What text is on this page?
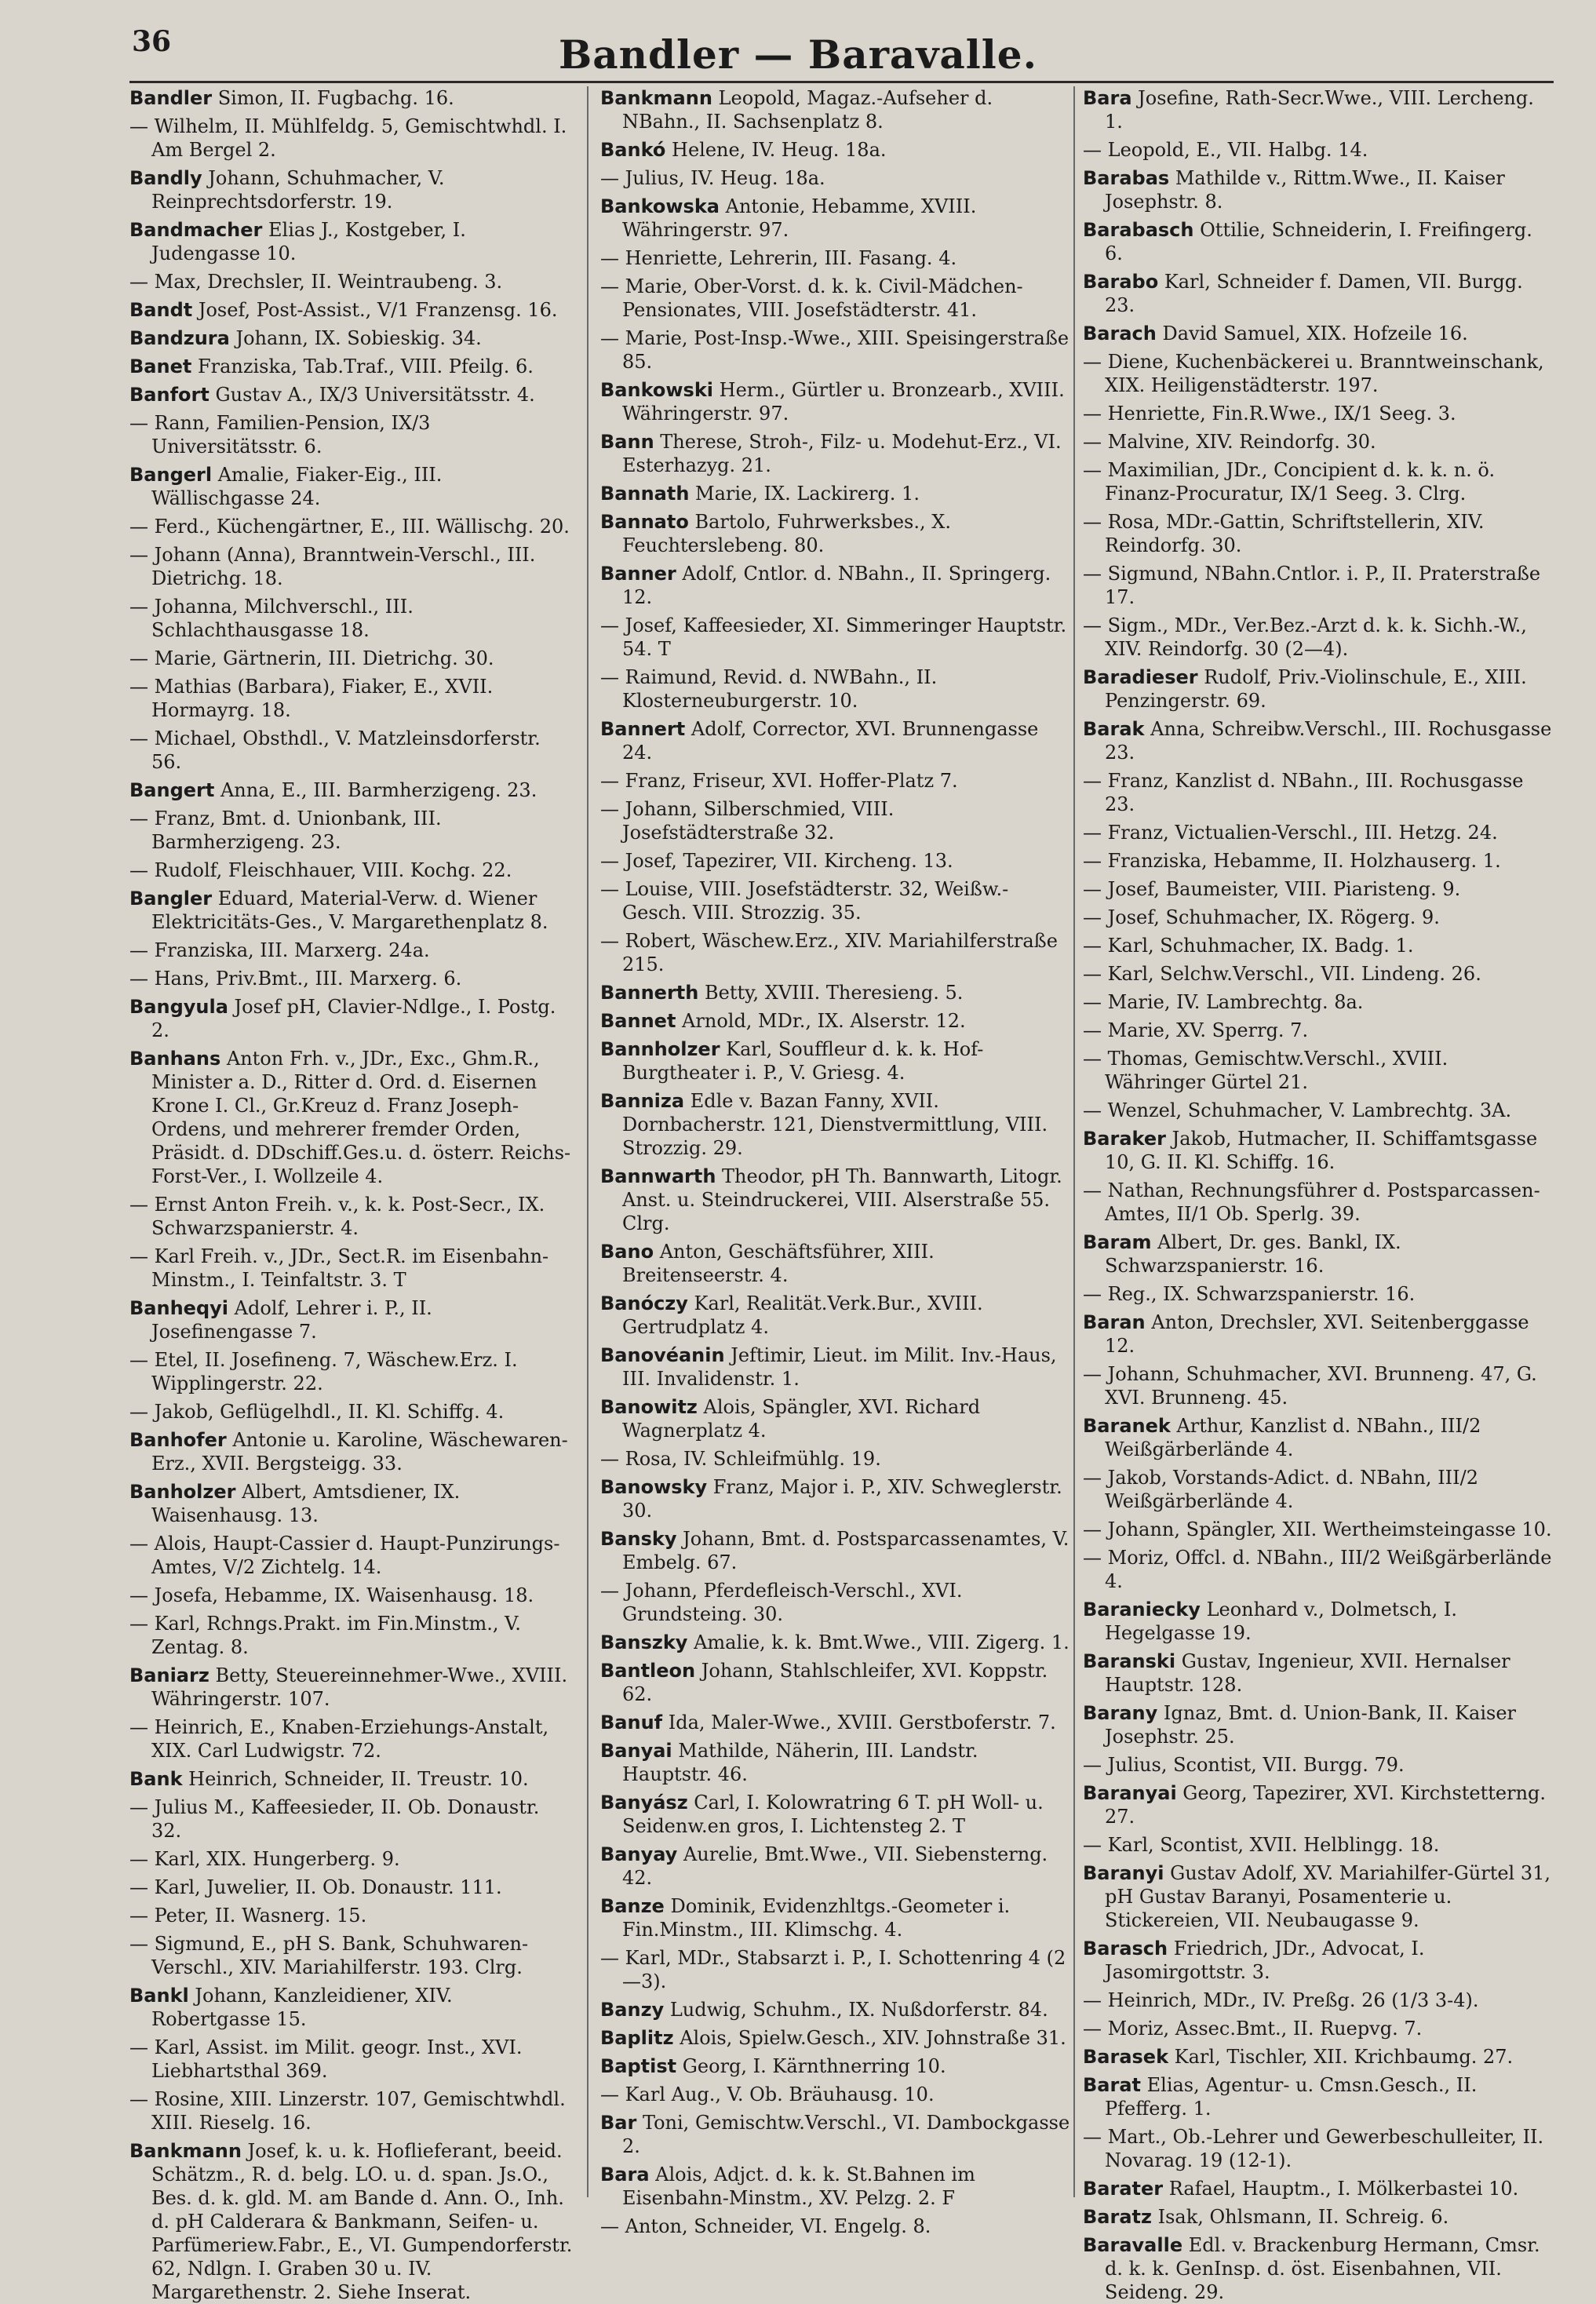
36	Bandler — Baravalle.
Bandler Simon, II. Fugbachg. 16.
— Wilhelm, II. Mühlfeldg. 5, Gemischtwhdl. I. Am Bergel 2.
Bandly Johann, Schuhmacher, V. Reinprechtsdorferstr. 19.
Bandmacher Elias J., Kostgeber, I. Judengasse 10.
— Max, Drechsler, II. Weintraubeng. 3.
Bandt Josef, Post-Assist., V/1 Franzensg. 16.
Bandzura Johann, IX. Sobieskig. 34.
Banet Franziska, Tab.Traf., VIII. Pfeilg. 6.
Banfort Gustav A., IX/3 Universitätsstr. 4.
— Rann, Familien-Pension, IX/3 Universitätsstr. 6.
Bangerl Amalie, Fiaker-Eig., III. Wällischgasse 24.
— Ferd., Küchengärtner, E., III. Wällischg. 20.
— Johann (Anna), Branntwein-Verschl., III. Dietrichg. 18.
— Johanna, Milchverschl., III. Schlachthausgasse 18.
— Marie, Gärtnerin, III. Dietrichg. 30.
— Mathias (Barbara), Fiaker, E., XVII. Hormayrg. 18.
— Michael, Obsthdl., V. Matzleinsdorferstr. 56.
Bangert Anna, E., III. Barmherzigeng. 23.
— Franz, Bmt. d. Unionbank, III. Barmherzigeng. 23.
— Rudolf, Fleischhauer, VIII. Kochg. 22.
Bangler Eduard, Material-Verw. d. Wiener Elektricitäts-Ges., V. Margarethenplatz 8.
— Franziska, III. Marxerg. 24a.
— Hans, Priv.Bmt., III. Marxerg. 6.
Bangyula Josef pH, Clavier-Ndlge., I. Postg. 2.
Banhans Anton Frh. v., JDr., Exc., Ghm.R., Minister a. D., Ritter d. Ord. d. Eisernen Krone I. Cl., Gr.Kreuz d. Franz Joseph-Ordens, und mehrerer fremder Orden, Präsidt. d. DDschiff.Ges.u. d. österr. Reichs-Forst-Ver., I. Wollzeile 4.
— Ernst Anton Freih. v., k. k. Post-Secr., IX. Schwarzspanierstr. 4.
— Karl Freih. v., JDr., Sect.R. im Eisenbahn-Minstm., I. Teinfaltstr. 3. T
Banheqyi Adolf, Lehrer i. P., II. Josefinengasse 7.
— Etel, II. Josefineng. 7, Wäschew.Erz. I. Wipplingerstr. 22.
— Jakob, Geflügelhdl., II. Kl. Schiffg. 4.
Banhofer Antonie u. Karoline, Wäschewaren-Erz., XVII. Bergsteigg. 33.
Banholzer Albert, Amtsdiener, IX. Waisenhausg. 13.
— Alois, Haupt-Cassier d. Haupt-Punzirungs-Amtes, V/2 Zichtelg. 14.
— Josefa, Hebamme, IX. Waisenhausg. 18.
— Karl, Rchngs.Prakt. im Fin.Minstm., V. Zentag. 8.
Baniarz Betty, Steuereinnehmer-Wwe., XVIII. Währingerstr. 107.
— Heinrich, E., Knaben-Erziehungs-Anstalt, XIX. Carl Ludwigstr. 72.
Bank Heinrich, Schneider, II. Treustr. 10.
— Julius M., Kaffeesieder, II. Ob. Donaustr. 32.
— Karl, XIX. Hungerberg. 9.
— Karl, Juwelier, II. Ob. Donaustr. 111.
— Peter, II. Wasnerg. 15.
— Sigmund, E., pH S. Bank, Schuhwaren-Verschl., XIV. Mariahilferstr. 193. Clrg.
Bankl Johann, Kanzleidiener, XIV. Robertgasse 15.
— Karl, Assist. im Milit. geogr. Inst., XVI. Liebhartsthal 369.
— Rosine, XIII. Linzerstr. 107, Gemischtwhdl. XIII. Rieselg. 16.
Bankmann Josef, k. u. k. Hoflieferant, beeid. Schätzm., R. d. belg. LO. u. d. span. Js.O., Bes. d. k. gld. M. am Bande d. Ann. O., Inh. d. pH Calderara & Bankmann, Seifen- u. Parfümeriew.Fabr., E., VI. Gumpendorferstr. 62, Ndlgn. I. Graben 30 u. IV. Margarethenstr. 2. Siehe Inserat.
Bankmann Leopold, Magaz.-Aufseher d. NBahn., II. Sachsenplatz 8.
Bankó Helene, IV. Heug. 18a.
— Julius, IV. Heug. 18a.
Bankowska Antonie, Hebamme, XVIII. Währingerstr. 97.
— Henriette, Lehrerin, III. Fasang. 4.
— Marie, Ober-Vorst. d. k. k. Civil-Mädchen-Pensionates, VIII. Josefstädterstr. 41.
— Marie, Post-Insp.-Wwe., XIII. Speisingerstraße 85.
Bankowski Herm., Gürtler u. Bronzearb., XVIII. Währingerstr. 97.
Bann Therese, Stroh-, Filz- u. Modehut-Erz., VI. Esterhazyg. 21.
Bannath Marie, IX. Lackirerg. 1.
Bannato Bartolo, Fuhrwerksbes., X. Feuchterslebeng. 80.
Banner Adolf, Cntlor. d. NBahn., II. Springerg. 12.
— Josef, Kaffeesieder, XI. Simmeringer Hauptstr. 54. T
— Raimund, Revid. d. NWBahn., II. Klosterneuburgerstr. 10.
Bannert Adolf, Corrector, XVI. Brunnengasse 24.
— Franz, Friseur, XVI. Hoffer-Platz 7.
— Johann, Silberschmied, VIII. Josefstädterstraße 32.
— Josef, Tapezirer, VII. Kircheng. 13.
— Louise, VIII. Josefstädterstr. 32, Weißw.-Gesch. VIII. Strozzig. 35.
— Robert, Wäschew.Erz., XIV. Mariahilferstraße 215.
Bannerth Betty, XVIII. Theresieng. 5.
Bannet Arnold, MDr., IX. Alserstr. 12.
Bannholzer Karl, Souffleur d. k. k. Hof-Burgtheater i. P., V. Griesg. 4.
Banniza Edle v. Bazan Fanny, XVII. Dornbacherstr. 121, Dienstvermittlung, VIII. Strozzig. 29.
Bannwarth Theodor, pH Th. Bannwarth, Litogr. Anst. u. Steindruckerei, VIII. Alserstraße 55. Clrg.
Bano Anton, Geschäftsführer, XIII. Breitenseerstr. 4.
Banóczy Karl, Realität.Verk.Bur., XVIII. Gertrudplatz 4.
Banovéanin Jeftimir, Lieut. im Milit. Inv.-Haus, III. Invalidenstr. 1.
Banowitz Alois, Spängler, XVI. Richard Wagnerplatz 4.
— Rosa, IV. Schleifmühlg. 19.
Banowsky Franz, Major i. P., XIV. Schweglerstr. 30.
Bansky Johann, Bmt. d. Postsparcassenamtes, V. Embelg. 67.
— Johann, Pferdefleisch-Verschl., XVI. Grundsteing. 30.
Banszky Amalie, k. k. Bmt.Wwe., VIII. Zigerg. 1.
Bantleon Johann, Stahlschleifer, XVI. Koppstr. 62.
Banuf Ida, Maler-Wwe., XVIII. Gerstboferstr. 7.
Banyai Mathilde, Näherin, III. Landstr. Hauptstr. 46.
Banyász Carl, I. Kolowratring 6 T. pH Woll- u. Seidenw.en gros, I. Lichtensteg 2. T
Banyay Aurelie, Bmt.Wwe., VII. Siebensterng. 42.
Banze Dominik, Evidenzhltgs.-Geometer i. Fin.Minstm., III. Klimschg. 4.
— Karl, MDr., Stabsarzt i. P., I. Schottenring 4 (2—3).
Banzy Ludwig, Schuhm., IX. Nußdorferstr. 84.
Baplitz Alois, Spielw.Gesch., XIV. Johnstraße 31.
Baptist Georg, I. Kärnthnerring 10.
— Karl Aug., V. Ob. Bräuhausg. 10.
Bar Toni, Gemischtw.Verschl., VI. Dambockgasse 2.
Bara Alois, Adjct. d. k. k. St.Bahnen im Eisenbahn-Minstm., XV. Pelzg. 2. F
— Anton, Schneider, VI. Engelg. 8.
Bara Josefine, Rath-Secr.Wwe., VIII. Lercheng. 1.
— Leopold, E., VII. Halbg. 14.
Barabas Mathilde v., Rittm.Wwe., II. Kaiser Josephstr. 8.
Barabasch Ottilie, Schneiderin, I. Freifingerg. 6.
Barabo Karl, Schneider f. Damen, VII. Burgg. 23.
Barach David Samuel, XIX. Hofzeile 16.
— Diene, Kuchenbäckerei u. Branntweinschank, XIX. Heiligenstädterstr. 197.
— Henriette, Fin.R.Wwe., IX/1 Seeg. 3.
— Malvine, XIV. Reindorfg. 30.
— Maximilian, JDr., Concipient d. k. k. n. ö. Finanz-Procuratur, IX/1 Seeg. 3. Clrg.
— Rosa, MDr.-Gattin, Schriftstellerin, XIV. Reindorfg. 30.
— Sigmund, NBahn.Cntlor. i. P., II. Praterstraße 17.
— Sigm., MDr., Ver.Bez.-Arzt d. k. k. Sichh.-W., XIV. Reindorfg. 30 (2—4).
Baradieser Rudolf, Priv.-Violinschule, E., XIII. Penzingerstr. 69.
Barak Anna, Schreibw.Verschl., III. Rochusgasse 23.
— Franz, Kanzlist d. NBahn., III. Rochusgasse 23.
— Franz, Victualien-Verschl., III. Hetzg. 24.
— Franziska, Hebamme, II. Holzhauserg. 1.
— Josef, Baumeister, VIII. Piaristeng. 9.
— Josef, Schuhmacher, IX. Rögerg. 9.
— Karl, Schuhmacher, IX. Badg. 1.
— Karl, Selchw.Verschl., VII. Lindeng. 26.
— Marie, IV. Lambrechtg. 8a.
— Marie, XV. Sperrg. 7.
— Thomas, Gemischtw.Verschl., XVIII. Währinger Gürtel 21.
— Wenzel, Schuhmacher, V. Lambrechtg. 3A.
Baraker Jakob, Hutmacher, II. Schiffamtsgasse 10, G. II. Kl. Schiffg. 16.
— Nathan, Rechnungsführer d. Postsparcassen-Amtes, II/1 Ob. Sperlg. 39.
Baram Albert, Dr. ges. Bankl, IX. Schwarzspanierstr. 16.
— Reg., IX. Schwarzspanierstr. 16.
Baran Anton, Drechsler, XVI. Seitenberggasse 12.
— Johann, Schuhmacher, XVI. Brunneng. 47, G. XVI. Brunneng. 45.
Baranek Arthur, Kanzlist d. NBahn., III/2 Weißgärberlände 4.
— Jakob, Vorstands-Adict. d. NBahn, III/2 Weißgärberlände 4.
— Johann, Spängler, XII. Wertheimsteingasse 10.
— Moriz, Offcl. d. NBahn., III/2 Weißgärberlände 4.
Baraniecky Leonhard v., Dolmetsch, I. Hegelgasse 19.
Baranski Gustav, Ingenieur, XVII. Hernalser Hauptstr. 128.
Barany Ignaz, Bmt. d. Union-Bank, II. Kaiser Josephstr. 25.
— Julius, Scontist, VII. Burgg. 79.
Baranyai Georg, Tapezirer, XVI. Kirchstetterng. 27.
— Karl, Scontist, XVII. Helblingg. 18.
Baranyi Gustav Adolf, XV. Mariahilfer-Gürtel 31, pH Gustav Baranyi, Posamenterie u. Stickereien, VII. Neubaugasse 9.
Barasch Friedrich, JDr., Advocat, I. Jasomirgottstr. 3.
— Heinrich, MDr., IV. Preßg. 26 (1/3 3-4).
— Moriz, Assec.Bmt., II. Ruepvg. 7.
Barasek Karl, Tischler, XII. Krichbaumg. 27.
Barat Elias, Agentur- u. Cmsn.Gesch., II. Pfefferg. 1.
— Mart., Ob.-Lehrer und Gewerbeschulleiter, II. Novarag. 19 (12-1).
Barater Rafael, Hauptm., I. Mölkerbastei 10.
Baratz Isak, Ohlsmann, II. Schreig. 6.
Baravalle Edl. v. Brackenburg Hermann, Cmsr. d. k. k. GenInsp. d. öst. Eisenbahnen, VII. Seideng. 29.
